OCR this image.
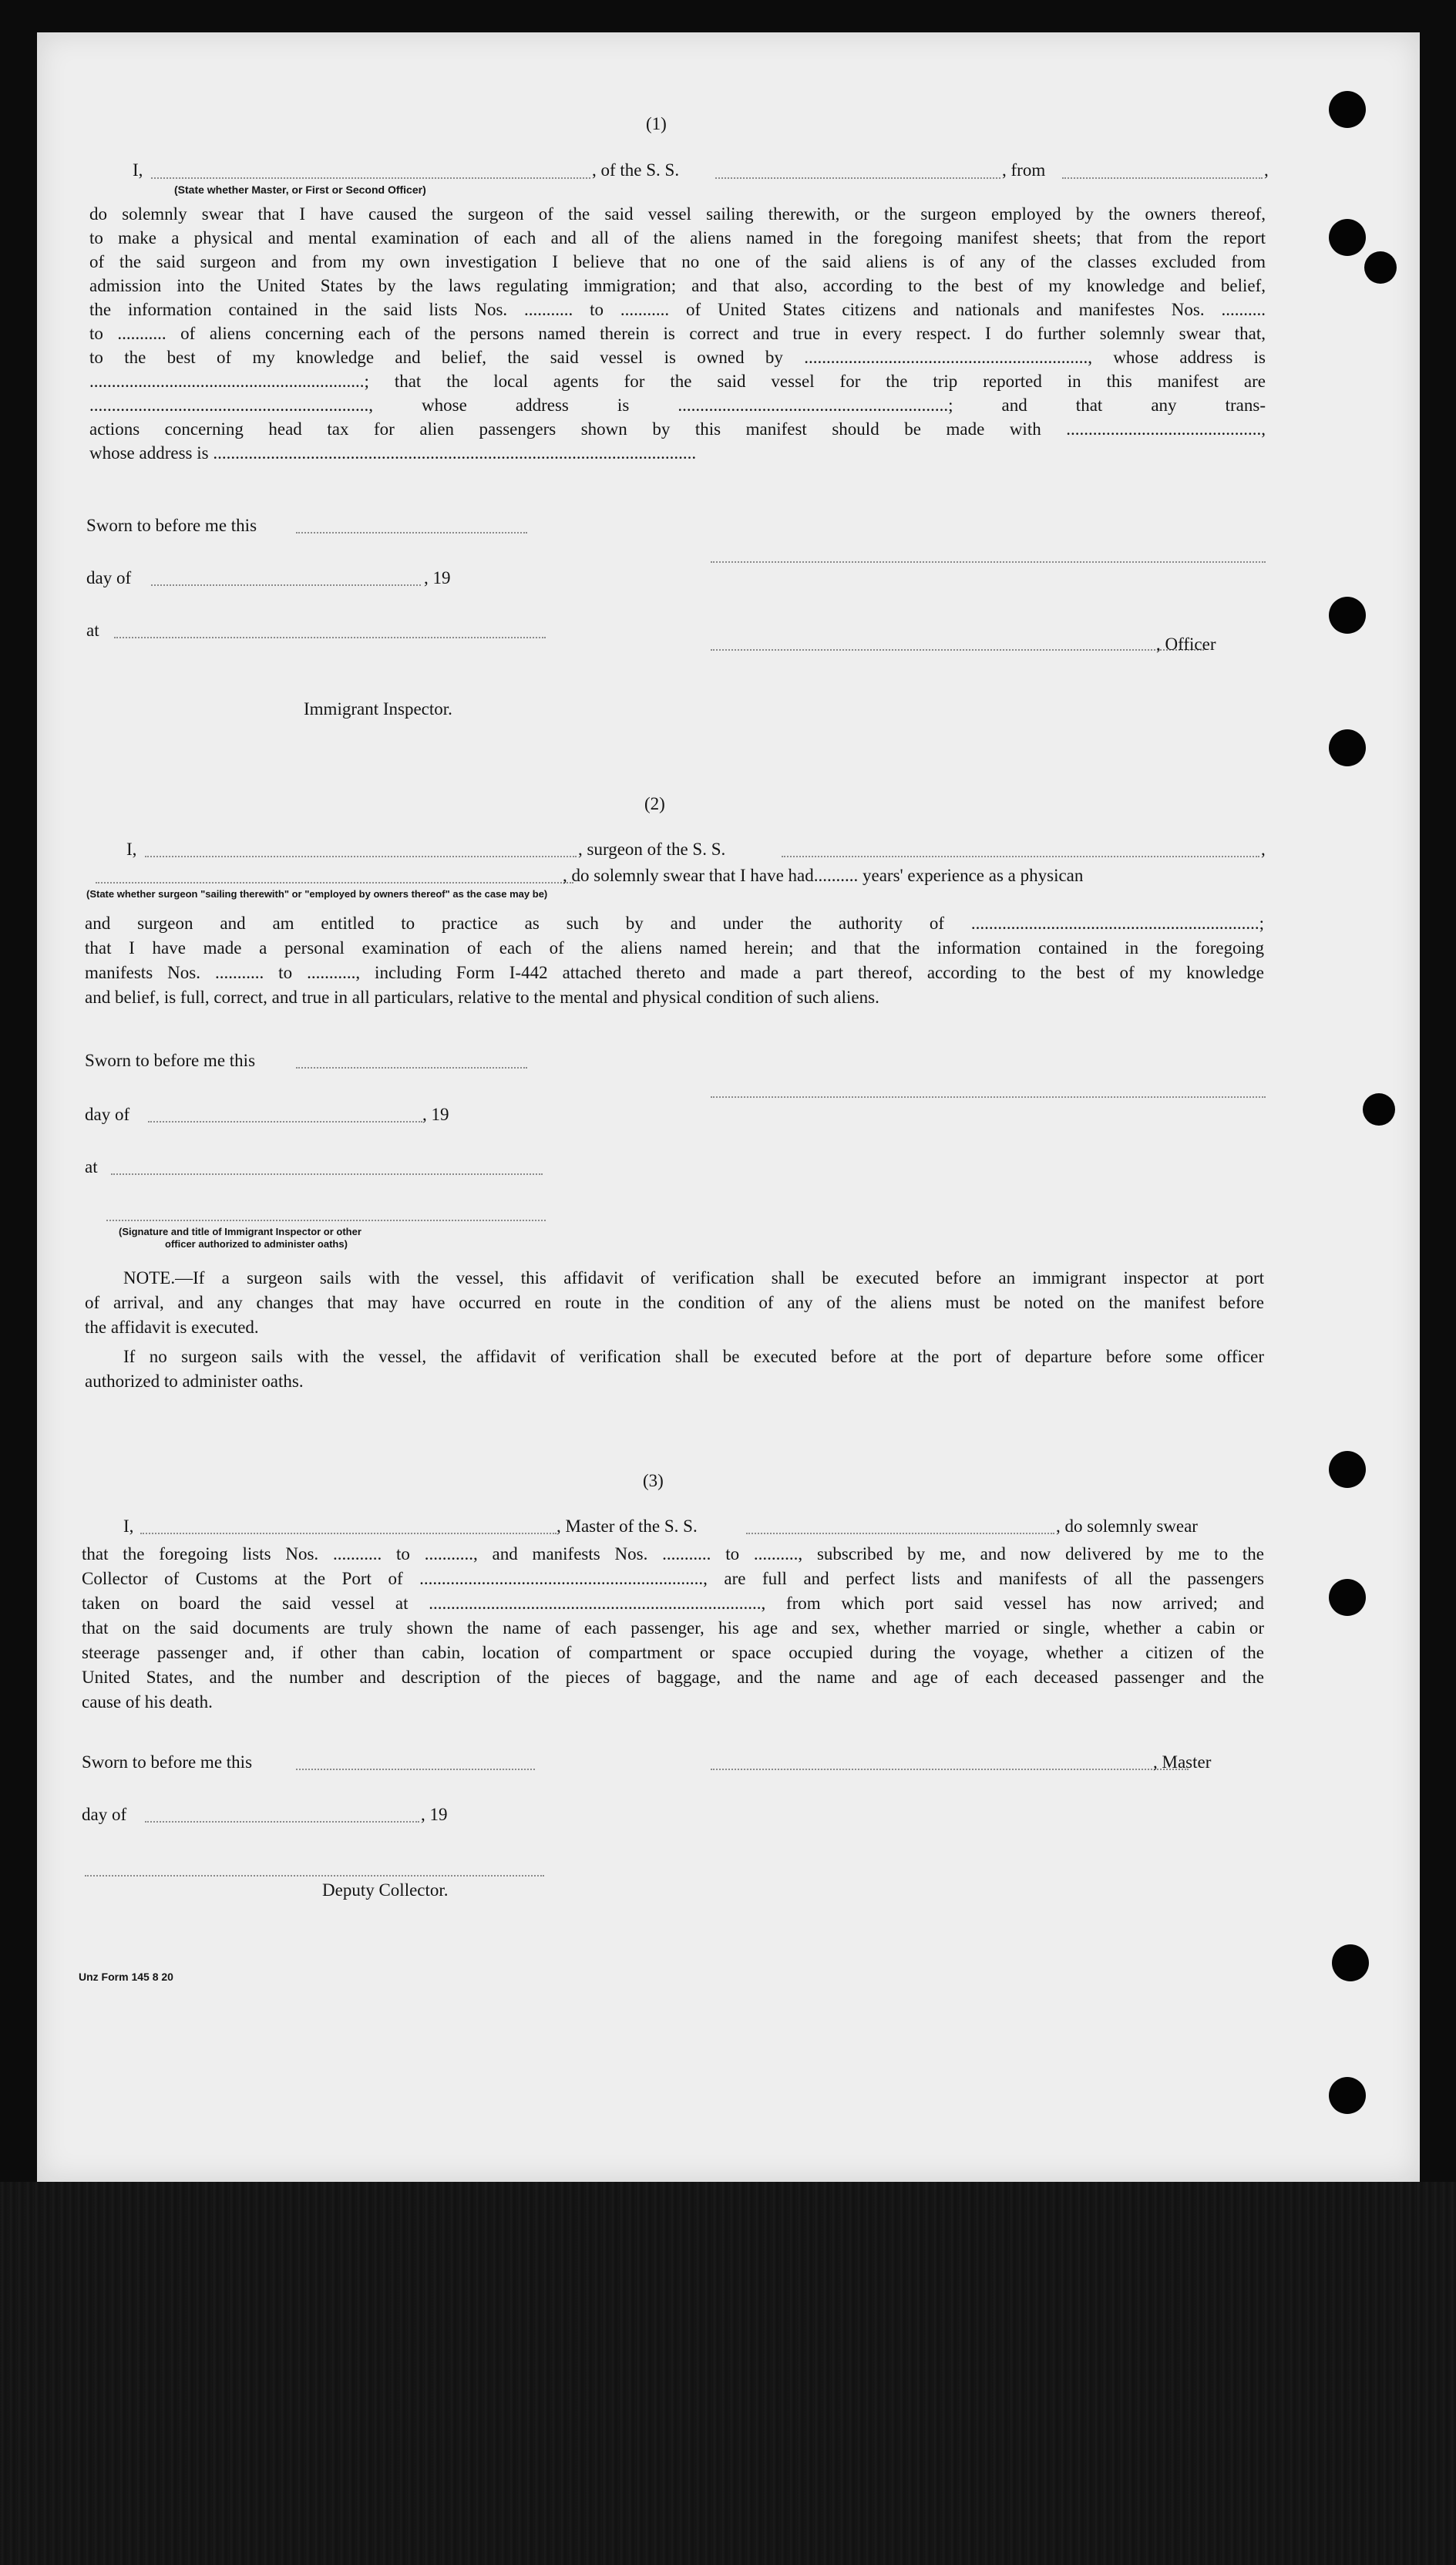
(1)
I,	, of the S. S.	, from	,
(State whether Master, or First or Second Officer)

do solemnly swear that I have caused the surgeon of the said vessel sailing therewith, or the surgeon employed by the owners thereof,

to make a physical and mental examination of each and all of the aliens named in the foregoing manifest sheets; that from the report

of the said surgeon and from my own investigation I believe that no one of the said aliens is of any of the classes excluded from

admission into the United States by the laws regulating immigration; and that also, according to the best of my knowledge and belief,

the information contained in the said lists Nos. ........... to ........... of United States citizens and nationals and manifestes Nos. ..........

to ........... of aliens concerning each of the persons named therein is correct and true in every respect. I do further solemnly swear that,

to the best of my knowledge and belief, the said vessel is owned by ................................................................, whose address is

..............................................................; that the local agents for the said vessel for the trip reported in this manifest are

..............................................................., whose address is .............................................................; and that any trans-

actions concerning head tax for alien passengers shown by this manifest should be made with ............................................,

whose address is .............................................................................................................

Sworn to before me this
day of	, 19
at
, Officer
Immigrant Inspector.
(2)
I,	, surgeon of the S. S.	,
, do solemnly swear that I have had.......... years' experience as a physican
(State whether surgeon "sailing therewith" or "employed by owners thereof" as the case may be)

and surgeon and am entitled to practice as such by and under the authority of .................................................................;

that I have made a personal examination of each of the aliens named herein; and that the information contained in the foregoing

manifests Nos. ........... to ..........., including Form I-442 attached thereto and made a part thereof, according to the best of my knowledge

and belief, is full, correct, and true in all particulars, relative to the mental and physical condition of such aliens.

Sworn to before me this
day of	, 19
at
(Signature and title of Immigrant Inspector or other
officer authorized to administer oaths)

NOTE.—If a surgeon sails with the vessel, this affidavit of verification shall be executed before an immigrant inspector at port

of arrival, and any changes that may have occurred en route in the condition of any of the aliens must be noted on the manifest before

the affidavit is executed.

If no surgeon sails with the vessel, the affidavit of verification shall be executed before at the port of departure before some officer

authorized to administer oaths.

(3)
I,	, Master of the S. S.	, do solemnly swear

that the foregoing lists Nos. ........... to ..........., and manifests Nos. ........... to .........., subscribed by me, and now delivered by me to the

Collector of Customs at the Port of ................................................................, are full and perfect lists and manifests of all the passengers

taken on board the said vessel at ..........................................................................., from which port said vessel has now arrived; and

that on the said documents are truly shown the name of each passenger, his age and sex, whether married or single, whether a cabin or

steerage passenger and, if other than cabin, location of compartment or space occupied during the voyage, whether a citizen of the

United States, and the number and description of the pieces of baggage, and the name and age of each deceased passenger and the

cause of his death.

Sworn to before me this	, Master
day of	, 19
Deputy Collector.
Unz Form 145 8 20
